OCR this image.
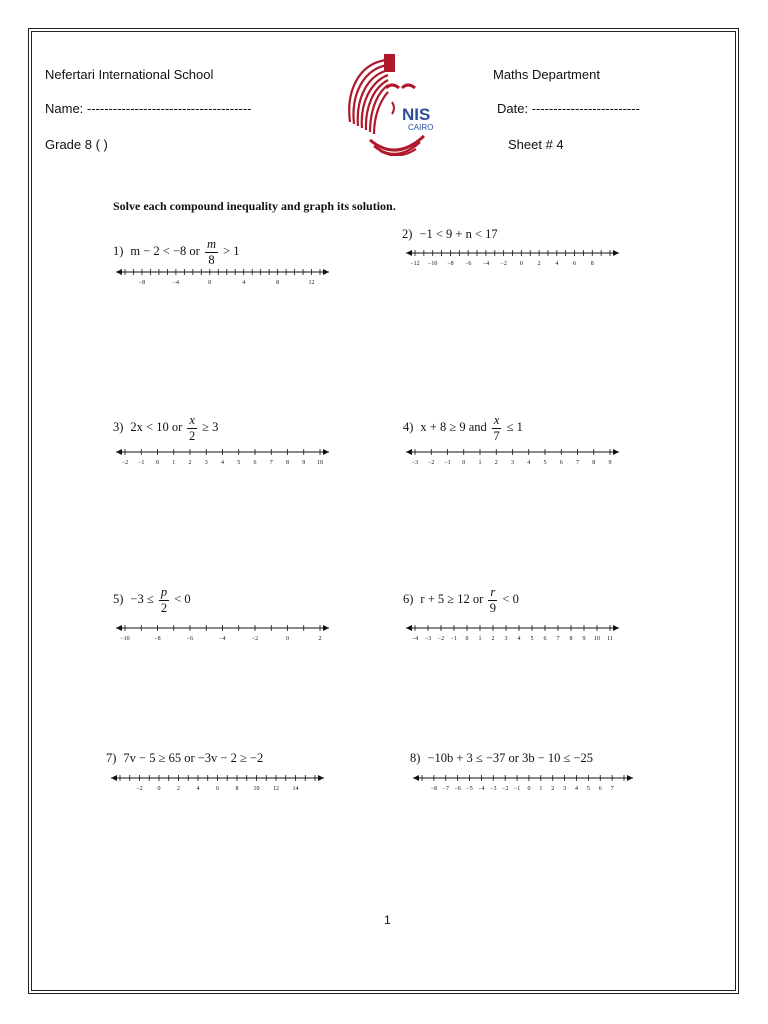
Nefertari International School	Maths Department
Name: --------------------------------------	Date: -------------------------
Grade 8 ( )	Sheet # 4
NIS
CAIRO
Solve each compound inequality and graph its solution.
1) m − 2 < −8 or $\frac{m}{8} > 1$
−8	−4	0	4	8	12
2) −1 < 9 + n < 17
−12 −10 −8 −6 −4 −2 0 2 4 6 8
3) 2x < 10 or $\frac{x}{2} \ge 3$
−2 −1 0 1 2 3 4 5 6 7 8 9 10
4) x + 8 ≥ 9 and $\frac{x}{7} \le 1$
−3 −2 −1 0 1 2 3 4 5 6 7 8 9
$5) -3 \le \frac{p}{2} < 0$
−10	−8	−6	−4	−2	0	2
6) r + 5 ≥ 12 or $\frac{r}{9} < 0$
−4 −3 −2 −1 0 1 2 3 4 5 6 7 8 9 10 11
7) 7v − 5 ≥ 65 or −3v − 2 ≥ −2
−2 0	2	4	6	8	10 12 14
8) −10b + 3 ≤ −37 or 3b − 10 ≤ −25
−8 −7 −6 −5 −4 −3 −2 −1 0 1 2 3 4 5 6 7
1
